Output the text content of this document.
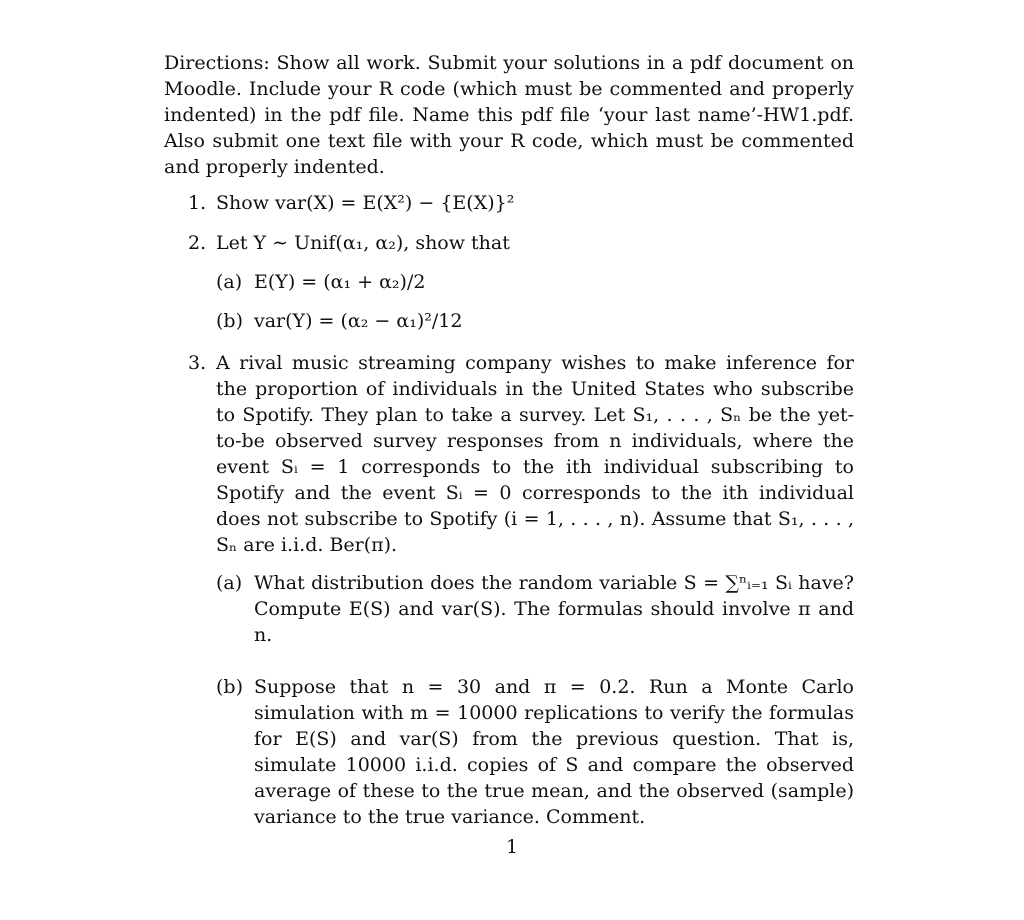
Directions: Show all work. Submit your solutions in a pdf document on Moodle. Include your R code (which must be commented and properly indented) in the pdf file. Name this pdf file ‘your last name’-HW1.pdf. Also submit one text file with your R code, which must be commented and properly indented.

1. Show var(X) = E(X²) − {E(X)}²
2. Let Y ∼ Unif(α₁, α₂), show that
(a) E(Y) = (α₁ + α₂)/2
(b) var(Y) = (α₂ − α₁)²/12
3. A rival music streaming company wishes to make inference for the proportion of individuals in the United States who subscribe to Spotify. They plan to take a survey. Let S₁, . . . , Sₙ be the yet-to-be observed survey responses from n individuals, where the event Sᵢ = 1 corresponds to the ith individual subscribing to Spotify and the event Sᵢ = 0 corresponds to the ith individual does not subscribe to Spotify (i = 1, . . . , n). Assume that S₁, . . . , Sₙ are i.i.d. Ber(π).
(a) What distribution does the random variable S = ∑ⁿᵢ₌₁ Sᵢ have? Compute E(S) and var(S). The formulas should involve π and n.
(b) Suppose that n = 30 and π = 0.2. Run a Monte Carlo simulation with m = 10000 replications to verify the formulas for E(S) and var(S) from the previous question. That is, simulate 10000 i.i.d. copies of S and compare the observed average of these to the true mean, and the observed (sample) variance to the true variance. Comment.
1
